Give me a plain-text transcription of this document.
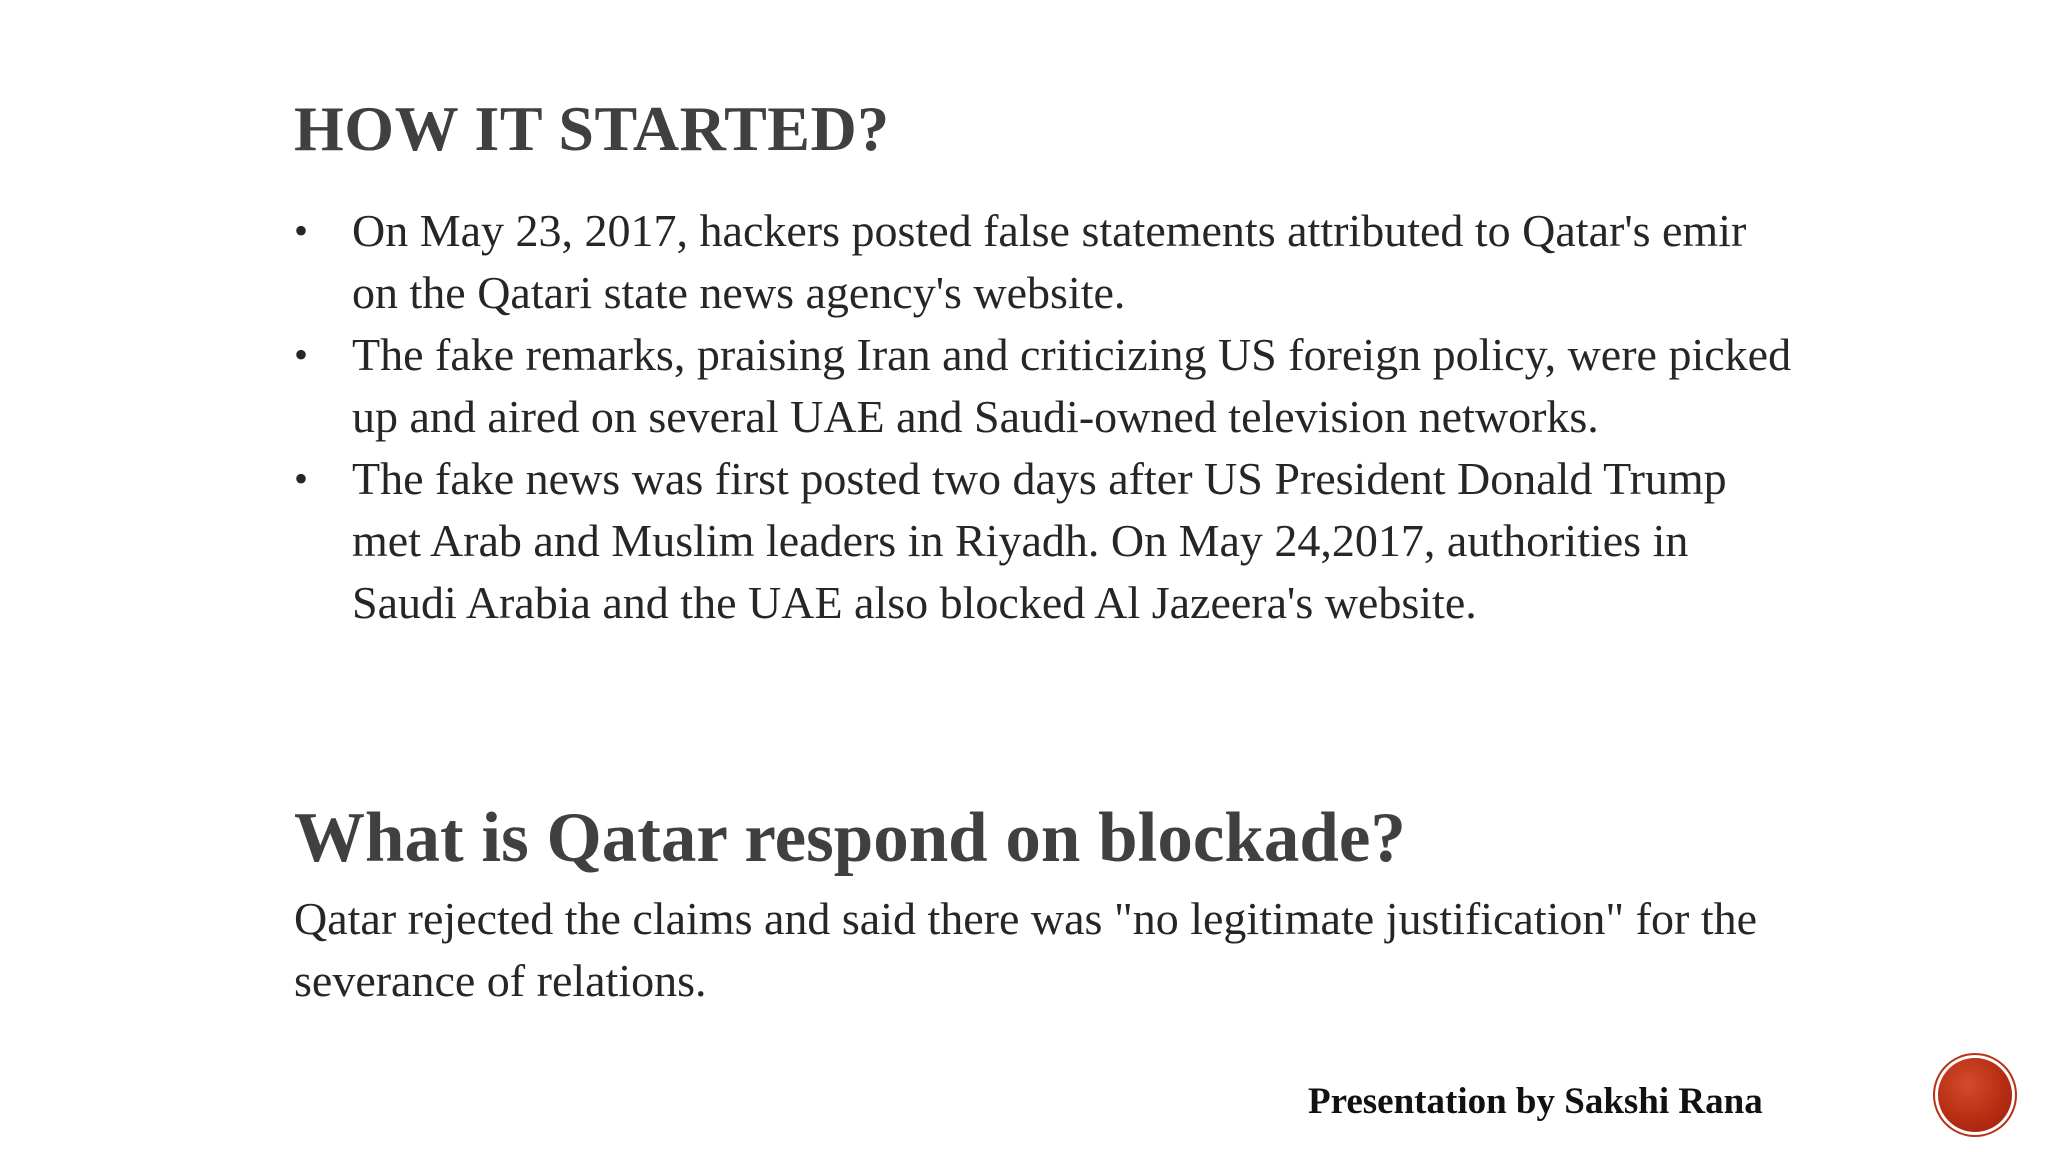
HOW IT STARTED?
• On May 23, 2017, hackers posted false statements attributed to Qatar's emir on the Qatari state news agency's website.
• The fake remarks, praising Iran and criticizing US foreign policy, were picked up and aired on several UAE and Saudi-owned television networks.
• The fake news was first posted two days after US President Donald Trump met Arab and Muslim leaders in Riyadh. On May 24,2017, authorities in Saudi Arabia and the UAE also blocked Al Jazeera's website.
What is Qatar respond on blockade?

Qatar rejected the claims and said there was "no legitimate justification" for the severance of relations.

Presentation by Sakshi Rana
